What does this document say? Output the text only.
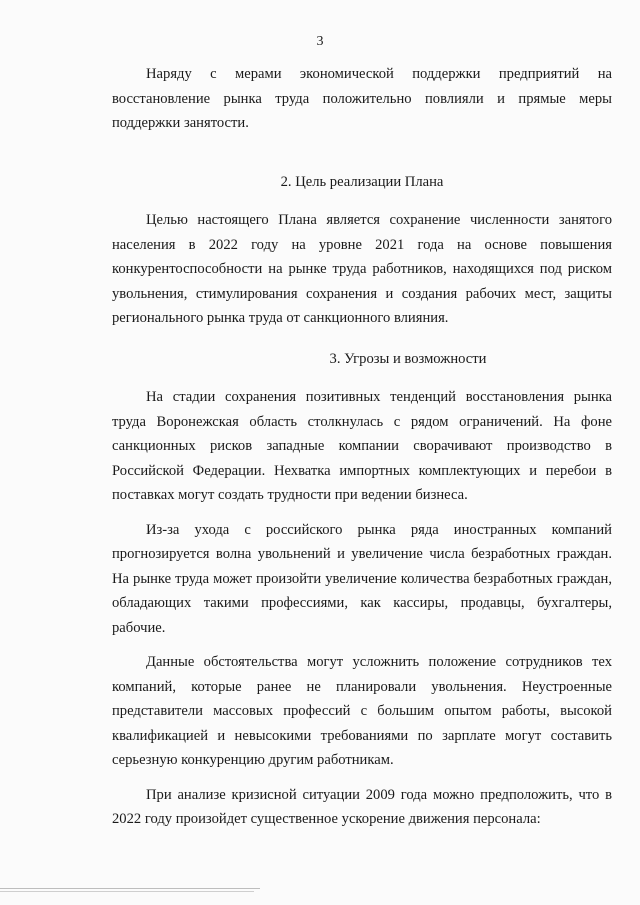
3

Наряду с мерами экономической поддержки предприятий на восстановление рынка труда положительно повлияли и прямые меры поддержки занятости.

2. Цель реализации Плана

Целью настоящего Плана является сохранение численности занятого населения в 2022 году на уровне 2021 года на основе повышения конкурентоспособности на рынке труда работников, находящихся под риском увольнения, стимулирования сохранения и создания рабочих мест, защиты регионального рынка труда от санкционного влияния.

3. Угрозы и возможности

На стадии сохранения позитивных тенденций восстановления рынка труда Воронежская область столкнулась с рядом ограничений. На фоне санкционных рисков западные компании сворачивают производство в Российской Федерации. Нехватка импортных комплектующих и перебои в поставках могут создать трудности при ведении бизнеса.

Из-за ухода с российского рынка ряда иностранных компаний прогнозируется волна увольнений и увеличение числа безработных граждан. На рынке труда может произойти увеличение количества безработных граждан, обладающих такими профессиями, как кассиры, продавцы, бухгалтеры, рабочие.

Данные обстоятельства могут усложнить положение сотрудников тех компаний, которые ранее не планировали увольнения. Неустроенные представители массовых профессий с большим опытом работы, высокой квалификацией и невысокими требованиями по зарплате могут составить серьезную конкуренцию другим работникам.

При анализе кризисной ситуации 2009 года можно предположить, что в 2022 году произойдет существенное ускорение движения персонала:
